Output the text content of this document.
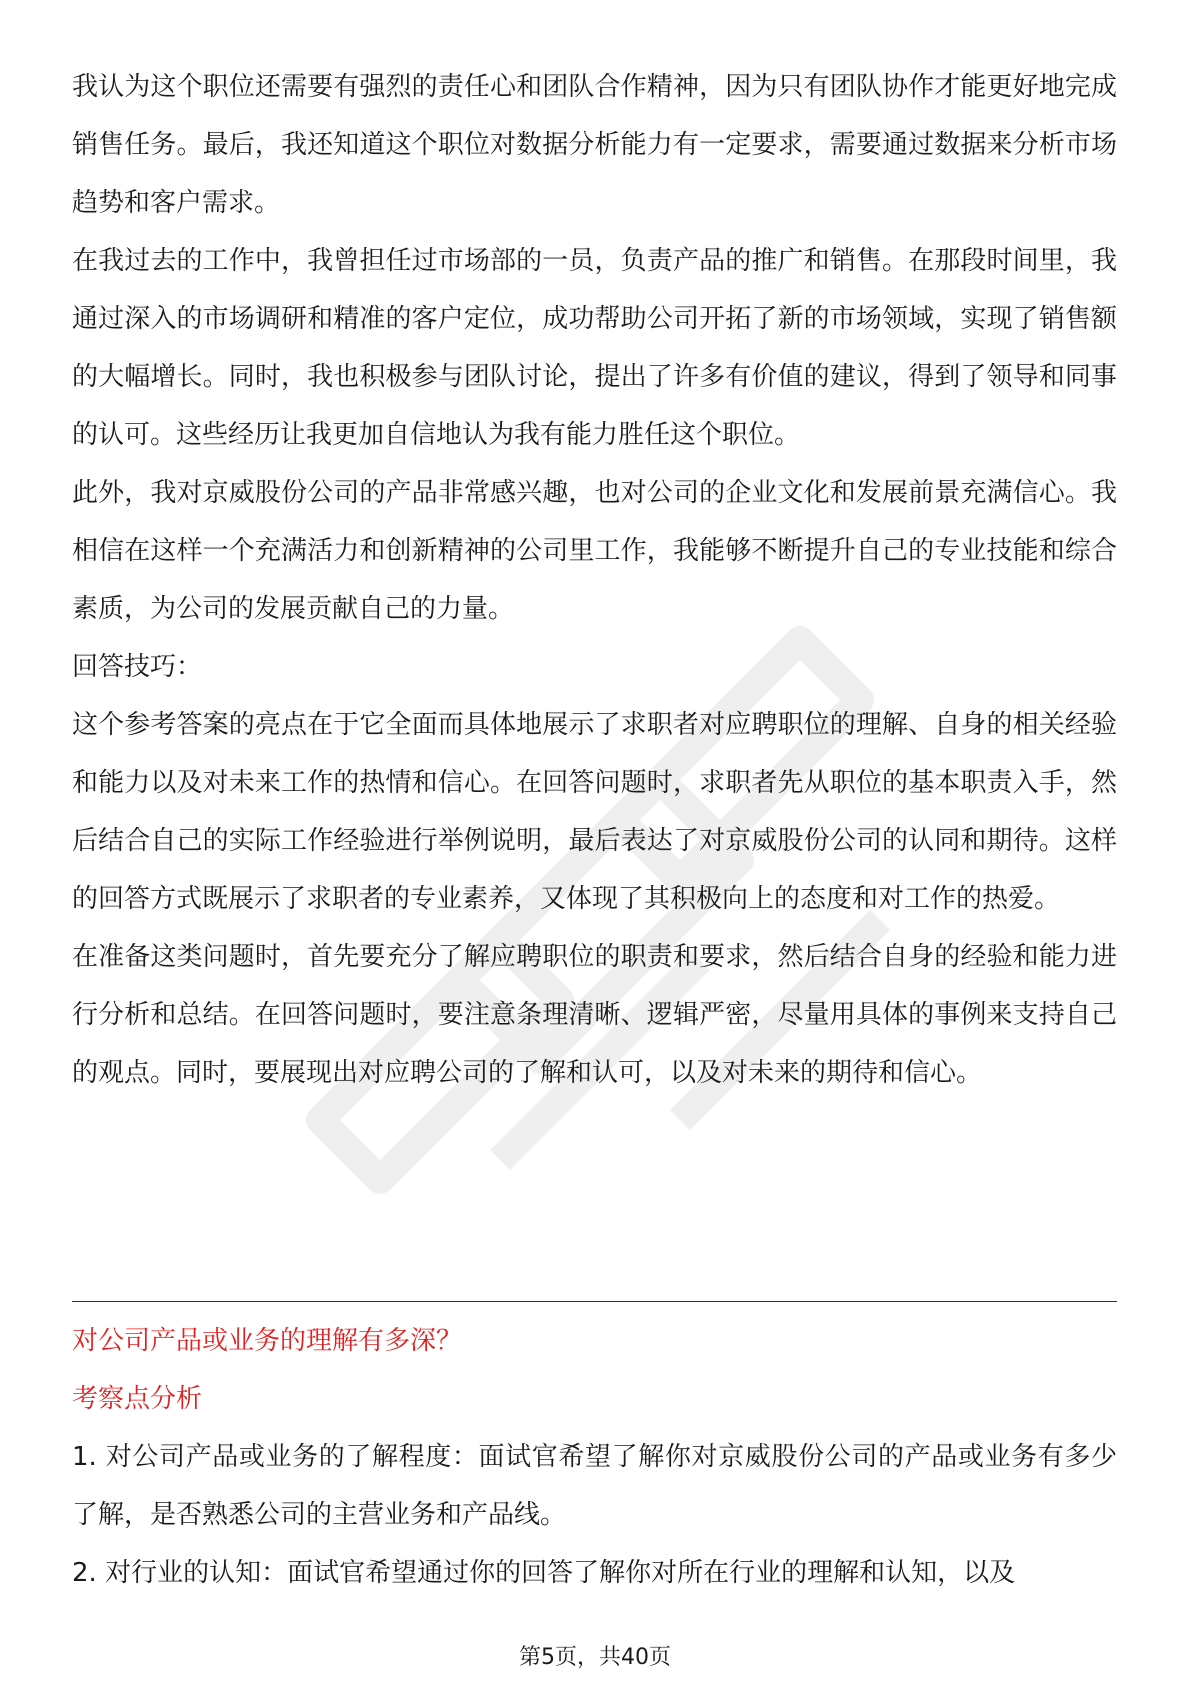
我认为这个职位还需要有强烈的责任心和团队合作精神，因为只有团队协作才能更好地完成销售任务。最后，我还知道这个职位对数据分析能力有一定要求，需要通过数据来分析市场趋势和客户需求。

在我过去的工作中，我曾担任过市场部的一员，负责产品的推广和销售。在那段时间里，我通过深入的市场调研和精准的客户定位，成功帮助公司开拓了新的市场领域，实现了销售额的大幅增长。同时，我也积极参与团队讨论，提出了许多有价值的建议，得到了领导和同事的认可。这些经历让我更加自信地认为我有能力胜任这个职位。

此外，我对京威股份公司的产品非常感兴趣，也对公司的企业文化和发展前景充满信心。我相信在这样一个充满活力和创新精神的公司里工作，我能够不断提升自己的专业技能和综合素质，为公司的发展贡献自己的力量。

回答技巧：

这个参考答案的亮点在于它全面而具体地展示了求职者对应聘职位的理解、自身的相关经验和能力以及对未来工作的热情和信心。在回答问题时，求职者先从职位的基本职责入手，然后结合自己的实际工作经验进行举例说明，最后表达了对京威股份公司的认同和期待。这样的回答方式既展示了求职者的专业素养，又体现了其积极向上的态度和对工作的热爱。

在准备这类问题时，首先要充分了解应聘职位的职责和要求，然后结合自身的经验和能力进行分析和总结。在回答问题时，要注意条理清晰、逻辑严密，尽量用具体的事例来支持自己的观点。同时，要展现出对应聘公司的了解和认可，以及对未来的期待和信心。

对公司产品或业务的理解有多深？

考察点分析

1. 对公司产品或业务的了解程度：面试官希望了解你对京威股份公司的产品或业务有多少了解，是否熟悉公司的主营业务和产品线。

2. 对行业的认知：面试官希望通过你的回答了解你对所在行业的理解和认知，以及

第5页，共40页
